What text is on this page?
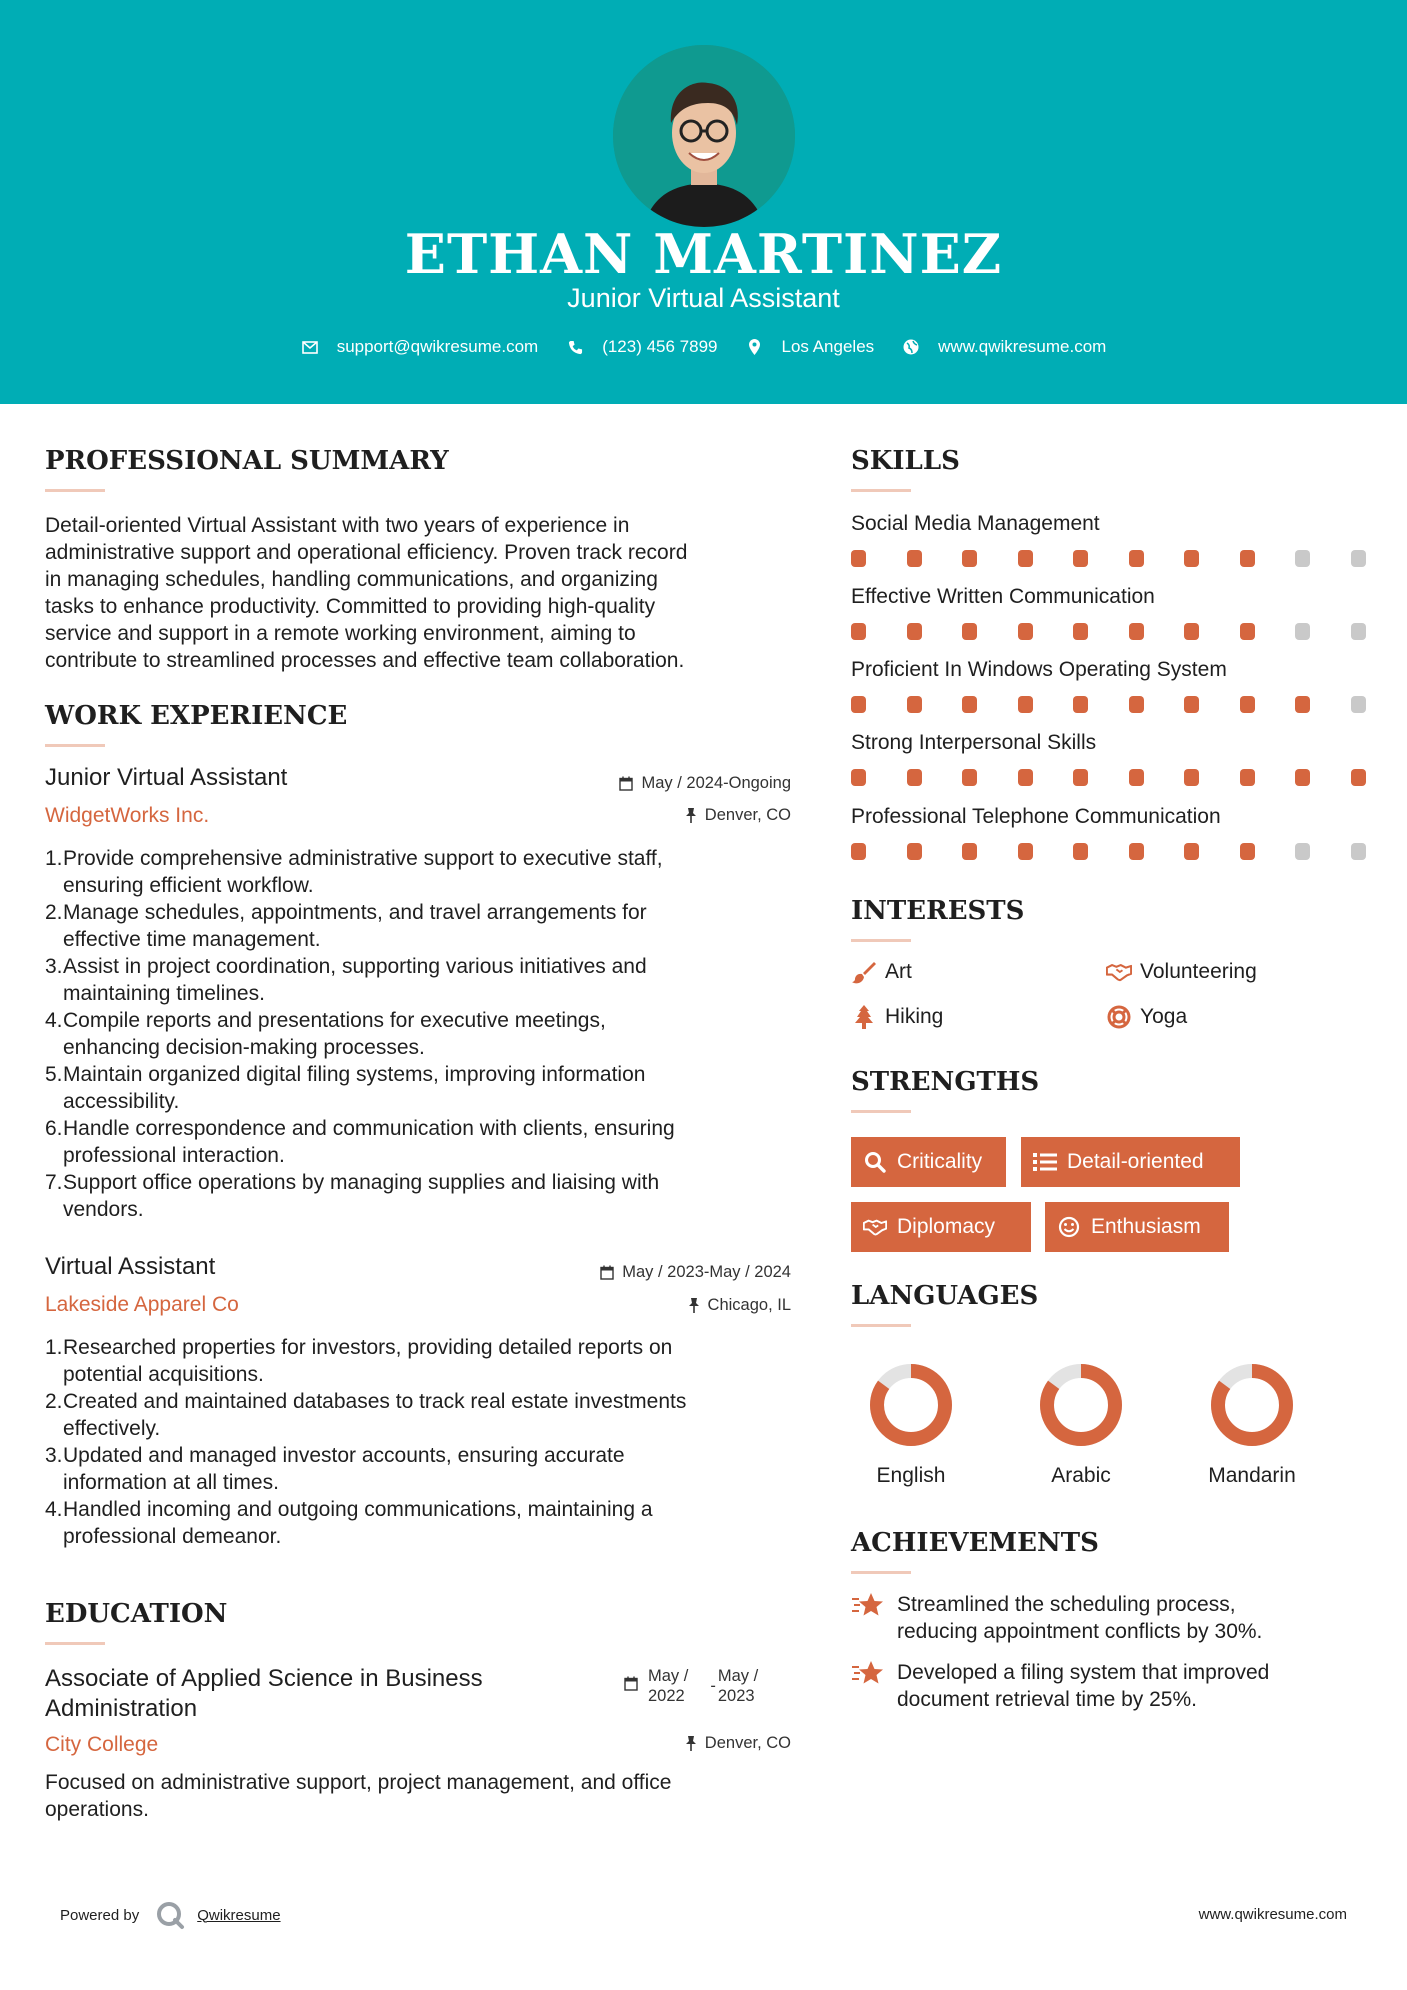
ETHAN MARTINEZ
Junior Virtual Assistant
support@qwikresume.com	(123) 456 7899	Los Angeles	www.qwikresume.com
PROFESSIONAL SUMMARY
Detail-oriented Virtual Assistant with two years of experience in
administrative support and operational efficiency. Proven track record
in managing schedules, handling communications, and organizing
tasks to enhance productivity. Committed to providing high-quality
service and support in a remote working environment, aiming to
contribute to streamlined processes and effective team collaboration.
WORK EXPERIENCE
Junior Virtual Assistant	May / 2024-Ongoing
WidgetWorks Inc.	Denver, CO
1. Provide comprehensive administrative support to executive staff,
ensuring efficient workflow.
2. Manage schedules, appointments, and travel arrangements for
effective time management.
3. Assist in project coordination, supporting various initiatives and
maintaining timelines.
4. Compile reports and presentations for executive meetings,
enhancing decision-making processes.
5. Maintain organized digital filing systems, improving information
accessibility.
6. Handle correspondence and communication with clients, ensuring
professional interaction.
7. Support office operations by managing supplies and liaising with
vendors.
Virtual Assistant	May / 2023-May / 2024
Lakeside Apparel Co	Chicago, IL
1. Researched properties for investors, providing detailed reports on
potential acquisitions.
2. Created and maintained databases to track real estate investments
effectively.
3. Updated and managed investor accounts, ensuring accurate
information at all times.
4. Handled incoming and outgoing communications, maintaining a
professional demeanor.
EDUCATION
Associate of Applied Science in Business
Administration
May /
2022
-
May /
2023
City College	Denver, CO
Focused on administrative support, project management, and office
operations.
SKILLS
Social Media Management
Effective Written Communication
Proficient In Windows Operating System
Strong Interpersonal Skills
Professional Telephone Communication
INTERESTS
Art	Volunteering
Hiking	Yoga
STRENGTHS
Criticality	Detail-oriented
Diplomacy	Enthusiasm
LANGUAGES
English	Arabic	Mandarin
ACHIEVEMENTS
Streamlined the scheduling process,
reducing appointment conflicts by 30%.
Developed a filing system that improved
document retrieval time by 25%.
Powered by	Qwikresume	www.qwikresume.com
